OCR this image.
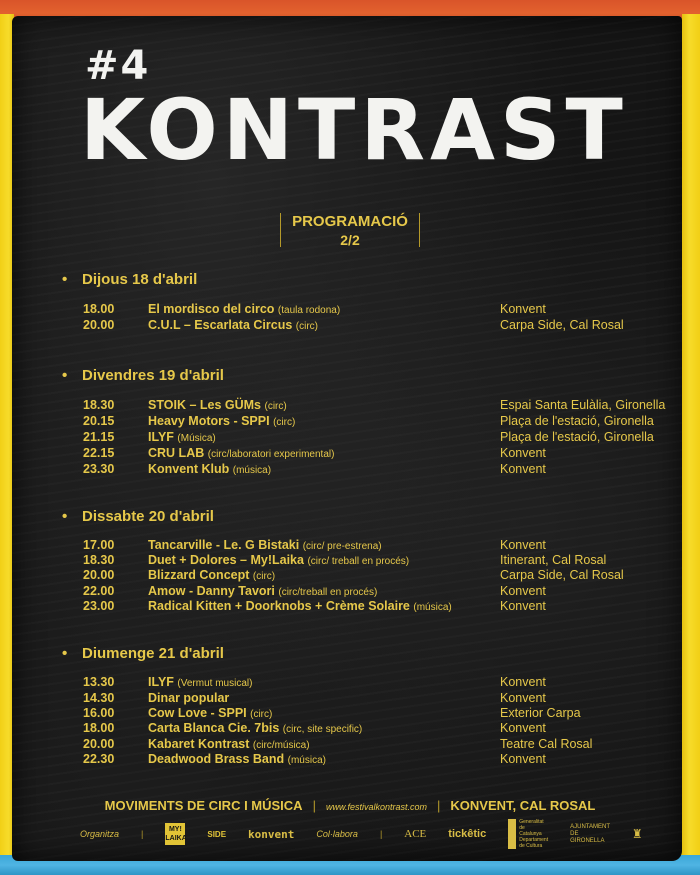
#4
KONTRAST
PROGRAMACIÓ
2/2
• Dijous 18 d'abril
18.00	El mordisco del circo (taula rodona)	Konvent
20.00	C.U.L – Escarlata Circus (circ)	Carpa Side, Cal Rosal
• Divendres 19 d'abril
18.30	STOIK – Les GÜMs (circ)	Espai Santa Eulàlia, Gironella
20.15	Heavy Motors - SPPI (circ)	Plaça de l'estació, Gironella
21.15	ILYF (Música)	Plaça de l'estació, Gironella
22.15	CRU LAB (circ/laboratori experimental)	Konvent
23.30	Konvent Klub (música)	Konvent
• Dissabte 20 d'abril
17.00	Tancarville - Le. G Bistaki (circ/ pre-estrena)	Konvent
18.30	Duet + Dolores – My!Laika (circ/ treball en procés)	Itinerant, Cal Rosal
20.00	Blizzard Concept (circ)	Carpa Side, Cal Rosal
22.00	Amow - Danny Tavori (circ/treball en procés)	Konvent
23.00	Radical Kitten + Doorknobs + Crème Solaire (música)	Konvent
• Diumenge 21 d'abril
13.30	ILYF (Vermut musical)	Konvent
14.30	Dinar popular	Konvent
16.00	Cow Love - SPPI (circ)	Exterior Carpa
18.00	Carta Blanca Cie. 7bis (circ, site specific)	Konvent
20.00	Kabaret Kontrast (circ/música)	Teatre Cal Rosal
22.30	Deadwood Brass Band (música)	Konvent
MOVIMENTS DE CIRC I MÚSICA | www.festivalkontrast.com | KONVENT, CAL ROSAL
Organitza |	MY! LAIKA	SIDE konvent Col·labora | ACE tickêtic
Generalitat de Catalunya Departament de Cultura
AJUNTAMENT DE GIRONELLA	♜
